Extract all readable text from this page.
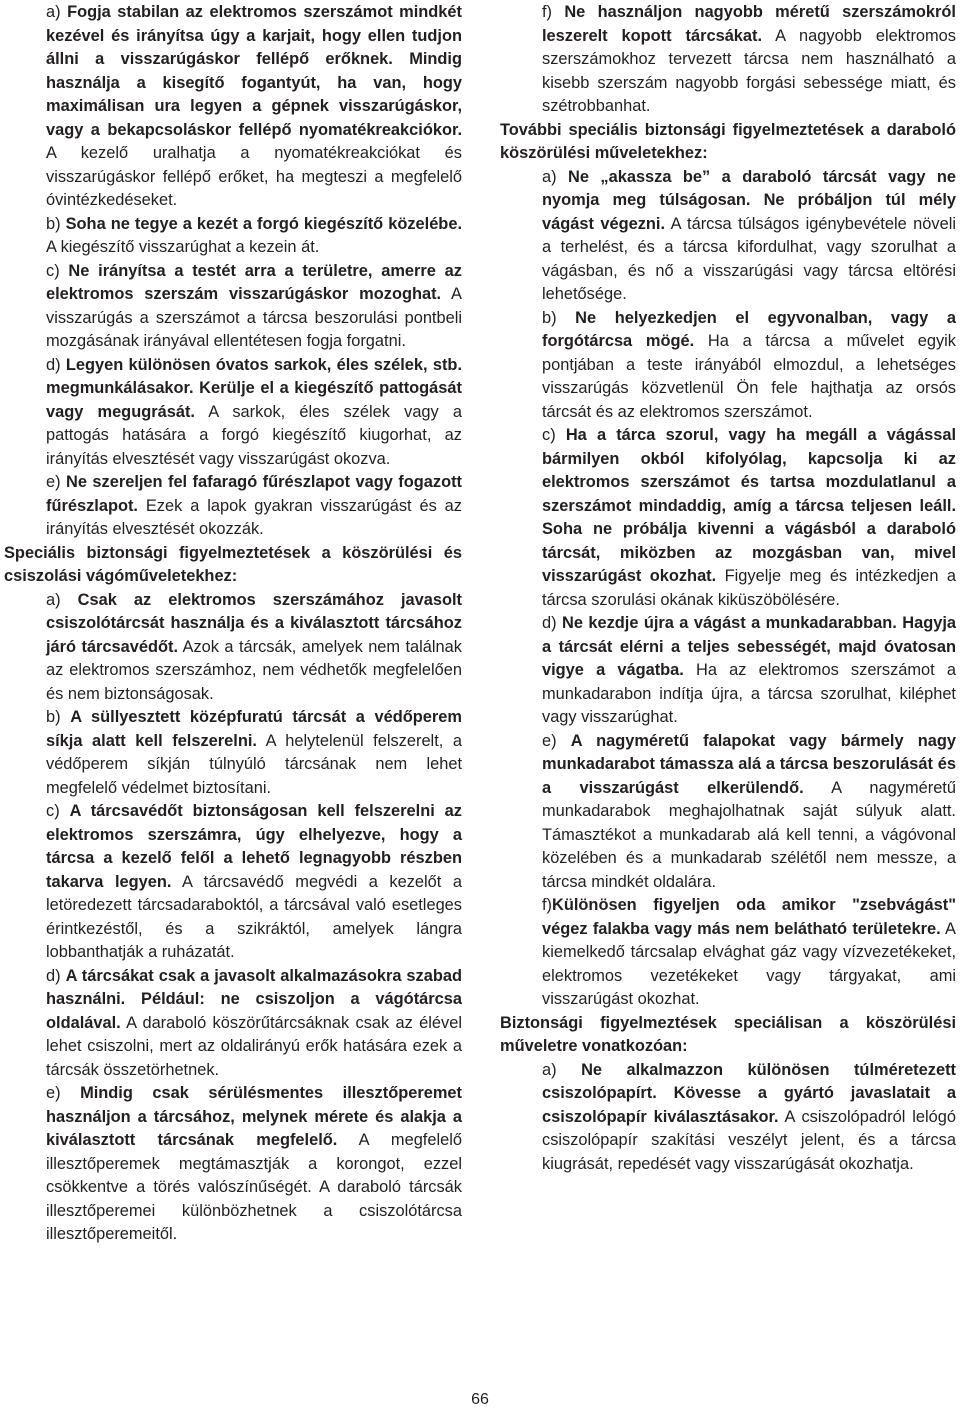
a) Fogja stabilan az elektromos szerszámot mindkét kezével és irányítsa úgy a karjait, hogy ellen tudjon állni a visszarúgáskor fellépő erőknek. Mindig használja a kisegítő fogantyút, ha van, hogy maximálisan ura legyen a gépnek visszarúgáskor, vagy a bekapcsoláskor fellépő nyomatékreakciókor. A kezelő uralhatja a nyomatékreakciókat és visszarúgáskor fellépő erőket, ha megteszi a megfelelő óvintézkedéseket.

b) Soha ne tegye a kezét a forgó kiegészítő közelébe. A kiegészítő visszarúghat a kezein át.

c) Ne irányítsa a testét arra a területre, amerre az elektromos szerszám visszarúgáskor mozoghat. A visszarúgás a szerszámot a tárcsa beszorulási pontbeli mozgásának irányával ellentétesen fogja forgatni.

d) Legyen különösen óvatos sarkok, éles szélek, stb. megmunkálásakor. Kerülje el a kiegészítő pattogását vagy megugrását. A sarkok, éles szélek vagy a pattogás hatására a forgó kiegészítő kiugorhat, az irányítás elvesztését vagy visszarúgást okozva.

e) Ne szereljen fel fafaragó fűrészlapot vagy fogazott fűrészlapot. Ezek a lapok gyakran visszarúgást és az irányítás elvesztését okozzák.

Speciális biztonsági figyelmeztetések a köszörülési és csiszolási vágóműveletekhez:

a) Csak az elektromos szerszámához javasolt csiszolótárcsát használja és a kiválasztott tárcsához járó tárcsavédőt. Azok a tárcsák, amelyek nem találnak az elektromos szerszámhoz, nem védhetők megfelelően és nem biztonságosak.

b) A süllyesztett középfuratú tárcsát a védőperem síkja alatt kell felszerelni. A helytelenül felszerelt, a védőperem síkján túlnyúló tárcsának nem lehet megfelelő védelmet biztosítani.

c) A tárcsavédőt biztonságosan kell felszerelni az elektromos szerszámra, úgy elhelyezve, hogy a tárcsa a kezelő felől a lehető legnagyobb részben takarva legyen. A tárcsavédő megvédi a kezelőt a letöredezett tárcsadaraboktól, a tárcsával való esetleges érintkezéstől, és a szikráktól, amelyek lángra lobbanthatják a ruházatát.

d) A tárcsákat csak a javasolt alkalmazásokra szabad használni. Például: ne csiszoljon a vágótárcsa oldalával. A daraboló köszörűtárcsáknak csak az élével lehet csiszolni, mert az oldalirányú erők hatására ezek a tárcsák összetörhetnek.

e) Mindig csak sérülésmentes illesztőperemet használjon a tárcsához, melynek mérete és alakja a kiválasztott tárcsának megfelelő. A megfelelő illesztőperemek megtámasztják a korongot, ezzel csökkentve a törés valószínűségét. A daraboló tárcsák illesztőperemei különbözhetnek a csiszolótárcsa illesztőperemeitől.

f) Ne használjon nagyobb méretű szerszámokról leszerelt kopott tárcsákat. A nagyobb elektromos szerszámokhoz tervezett tárcsa nem használható a kisebb szerszám nagyobb forgási sebessége miatt, és szétrobbanhat.

További speciális biztonsági figyelmeztetések a daraboló köszörülési műveletekhez:

a) Ne „akassza be” a daraboló tárcsát vagy ne nyomja meg túlságosan. Ne próbáljon túl mély vágást végezni. A tárcsa túlságos igénybevétele növeli a terhelést, és a tárcsa kifordulhat, vagy szorulhat a vágásban, és nő a visszarúgási vagy tárcsa eltörési lehetősége.

b) Ne helyezkedjen el egyvonalban, vagy a forgótárcsa mögé. Ha a tárcsa a művelet egyik pontjában a teste irányából elmozdul, a lehetséges visszarúgás közvetlenül Ön fele hajthatja az orsós tárcsát és az elektromos szerszámot.

c) Ha a tárca szorul, vagy ha megáll a vágással bármilyen okból kifolyólag, kapcsolja ki az elektromos szerszámot és tartsa mozdulatlanul a szerszámot mindaddig, amíg a tárcsa teljesen leáll. Soha ne próbálja kivenni a vágásból a daraboló tárcsát, miközben az mozgásban van, mivel visszarúgást okozhat. Figyelje meg és intézkedjen a tárcsa szorulási okának kiküszöbölésére.

d) Ne kezdje újra a vágást a munkadarabban. Hagyja a tárcsát elérni a teljes sebességét, majd óvatosan vigye a vágatba. Ha az elektromos szerszámot a munkadarabon indítja újra, a tárcsa szorulhat, kiléphet vagy visszarúghat.

e) A nagyméretű falapokat vagy bármely nagy munkadarabot támassza alá a tárcsa beszorulását és a visszarúgást elkerülendő. A nagyméretű munkadarabok meghajolhatnak saját súlyuk alatt. Támasztékot a munkadarab alá kell tenni, a vágóvonal közelében és a munkadarab szélétől nem messze, a tárcsa mindkét oldalára.

f)Különösen figyeljen oda amikor "zsebvágást" végez falakba vagy más nem belátható területekre. A kiemelkedő tárcsalap elvághat gáz vagy vízvezetékeket, elektromos vezetékeket vagy tárgyakat, ami visszarúgást okozhat.

Biztonsági figyelmeztések speciálisan a köszörülési műveletre vonatkozóan:

a) Ne alkalmazzon különösen túlméretezett csiszolópapírt. Kövesse a gyártó javaslatait a csiszolópapír kiválasztásakor. A csiszolópadról lelógó csiszolópapír szakítási veszélyt jelent, és a tárcsa kiugrását, repedését vagy visszarúgását okozhatja.

66
